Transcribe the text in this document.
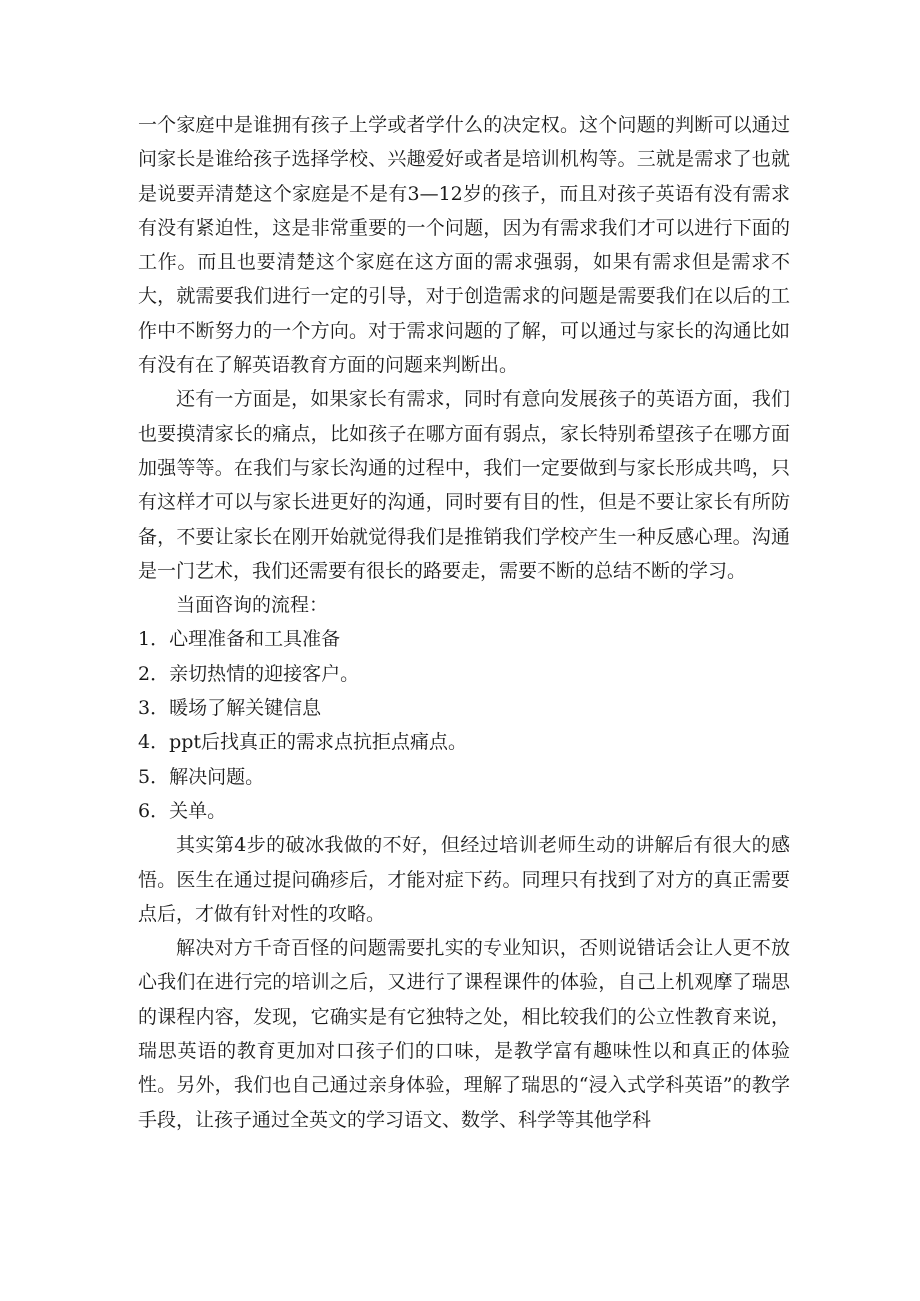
一个家庭中是谁拥有孩子上学或者学什么的决定权。这个问题的判断可以通过问家长是谁给孩子选择学校、兴趣爱好或者是培训机构等。三就是需求了也就是说要弄清楚这个家庭是不是有3—12岁的孩子，而且对孩子英语有没有需求有没有紧迫性，这是非常重要的一个问题，因为有需求我们才可以进行下面的工作。而且也要清楚这个家庭在这方面的需求强弱，如果有需求但是需求不大，就需要我们进行一定的引导，对于创造需求的问题是需要我们在以后的工作中不断努力的一个方向。对于需求问题的了解，可以通过与家长的沟通比如有没有在了解英语教育方面的问题来判断出。

还有一方面是，如果家长有需求，同时有意向发展孩子的英语方面，我们也要摸清家长的痛点，比如孩子在哪方面有弱点，家长特别希望孩子在哪方面加强等等。在我们与家长沟通的过程中，我们一定要做到与家长形成共鸣，只有这样才可以与家长进更好的沟通，同时要有目的性，但是不要让家长有所防备，不要让家长在刚开始就觉得我们是推销我们学校产生一种反感心理。沟通是一门艺术，我们还需要有很长的路要走，需要不断的总结不断的学习。

当面咨询的流程：

1．心理准备和工具准备

2．亲切热情的迎接客户。

3．暖场了解关键信息

4．ppt后找真正的需求点抗拒点痛点。

5．解决问题。

6．关单。

其实第4步的破冰我做的不好，但经过培训老师生动的讲解后有很大的感悟。医生在通过提问确疹后，才能对症下药。同理只有找到了对方的真正需要点后，才做有针对性的攻略。

解决对方千奇百怪的问题需要扎实的专业知识，否则说错话会让人更不放心我们在进行完的培训之后，又进行了课程课件的体验，自己上机观摩了瑞思的课程内容，发现，它确实是有它独特之处，相比较我们的公立性教育来说，瑞思英语的教育更加对口孩子们的口味，是教学富有趣味性以和真正的体验性。另外，我们也自己通过亲身体验，理解了瑞思的“浸入式学科英语”的教学手段，让孩子通过全英文的学习语文、数学、科学等其他学科
